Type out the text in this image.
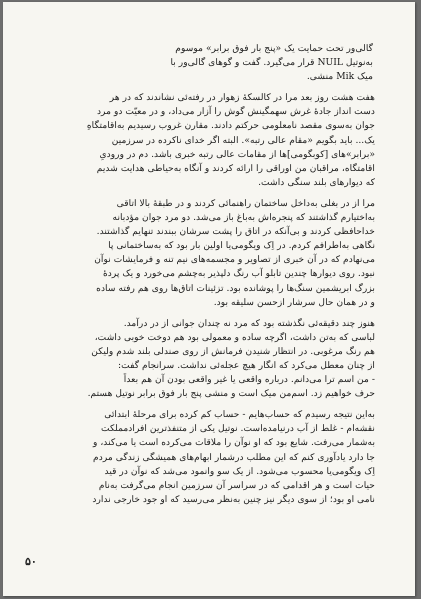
گالی‌ور تحت حمایت یک «پنج بار فوق برابر» موسوم
به‌نوتیل NUIL قرار می‌گیرد. گفت و گوهای گالی‌ور با
میک Mik منشی.

هفت هشت روز بعد مرا در کالسکهٔ زهوار در رفته‌ئی نشاندند که در هر
دست انداز جادهٔ غرش سهمگینش گوش را آزار می‌داد، و در معیّت دو مرد
جوان به‌سوی مقصد نامعلومی حرکتم دادند. مقارن غروب رسیدیم به‌اقامتگاهِ
یک... باید بگویم «مقام عالی رتبه». البته اگر خدای ناکرده در سرزمین
«برابر»های [کوبگومی]ها از مقامات عالی رتبه خبری باشد. دم در ورودیِ
اقامتگاه، مراقبان من اوراقی را ارائه کردند و آنگاه به‌حیاطی هدایت شدیم
که دیوارهای بلند سنگی داشت.

مرا از در بغلی به‌داخل ساختمان راهنمائی کردند و در طبقهٔ بالا اتاقی
به‌اختیارم گذاشتند که پنجره‌اش به‌باغ باز می‌شد. دو مرد جوان مؤدبانه
خداحافظی کردند و بی‌آنکه در اتاق را پشت سرشان ببندند تنهایم گذاشتند.
نگاهی به‌اطرافم کردم. در اِک ویگومی‌یا اولین بار بود که به‌ساختمانی پا
می‌نهادم که در آن خبری از تصاویر و مجسمه‌های نیم تنه و فرمایشات نوآن
نبود. روی دیوارها چندین تابلو آب رنگ دلپذیر به‌چشم می‌خورد و یک پردهٔ
بزرگ ابریشمین سنگ‌ها را پوشانده بود. تزئینات اتاق‌ها روی هم رفته ساده
و در همان حال سرشار ازحسن سلیقه بود.

هنوز چند دقیقه‌ئی نگذشته بود که مرد نه چندان جوانی از در درآمد.
لباسی که به‌تن داشت، اگرچه ساده و معمولی بود هم دوخت خوبی داشت،
هم رنگ مرغوبی. در انتظار شنیدن فرمانش از روی صندلی بلند شدم ولیکن
از چنان معطل می‌کرد که انگار هیچ عجله‌ئی نداشت. سرانجام گفت:
- من اسم ترا می‌دانم. درباره واقعی یا غیر واقعی بودن آن هم بعداً
حرف خواهیم زد. اسم‌من میک است و منشی پنج بار فوق برابر نوتیل هستم.

به‌این نتیجه رسیدم که حساب‌هایم - حساب کم کرده برای مرحلهٔ ابتدائی
نقشه‌ام - غلط از آب درنیامده‌است. نوتیل یکی از متنفذترین افرادمملکت
به‌شمار می‌رفت. شایع بود که او نوآن را ملاقات می‌کرده است یا می‌کند، و
جا دارد یادآوری کنم که این مطلب درشمار ابهام‌های همیشگی زندگی مردم
اِک ویگومی‌یا محسوب می‌شود. از یک سو وانمود می‌شد که نوآن در قید
حیات است و هر اقدامی که در سراسر آن سرزمین انجام می‌گرفت به‌نام
نامی او بود؛ از سوی دیگر نیز چنین به‌نظر می‌رسید که او جود خارجی ندارد

۵۰
